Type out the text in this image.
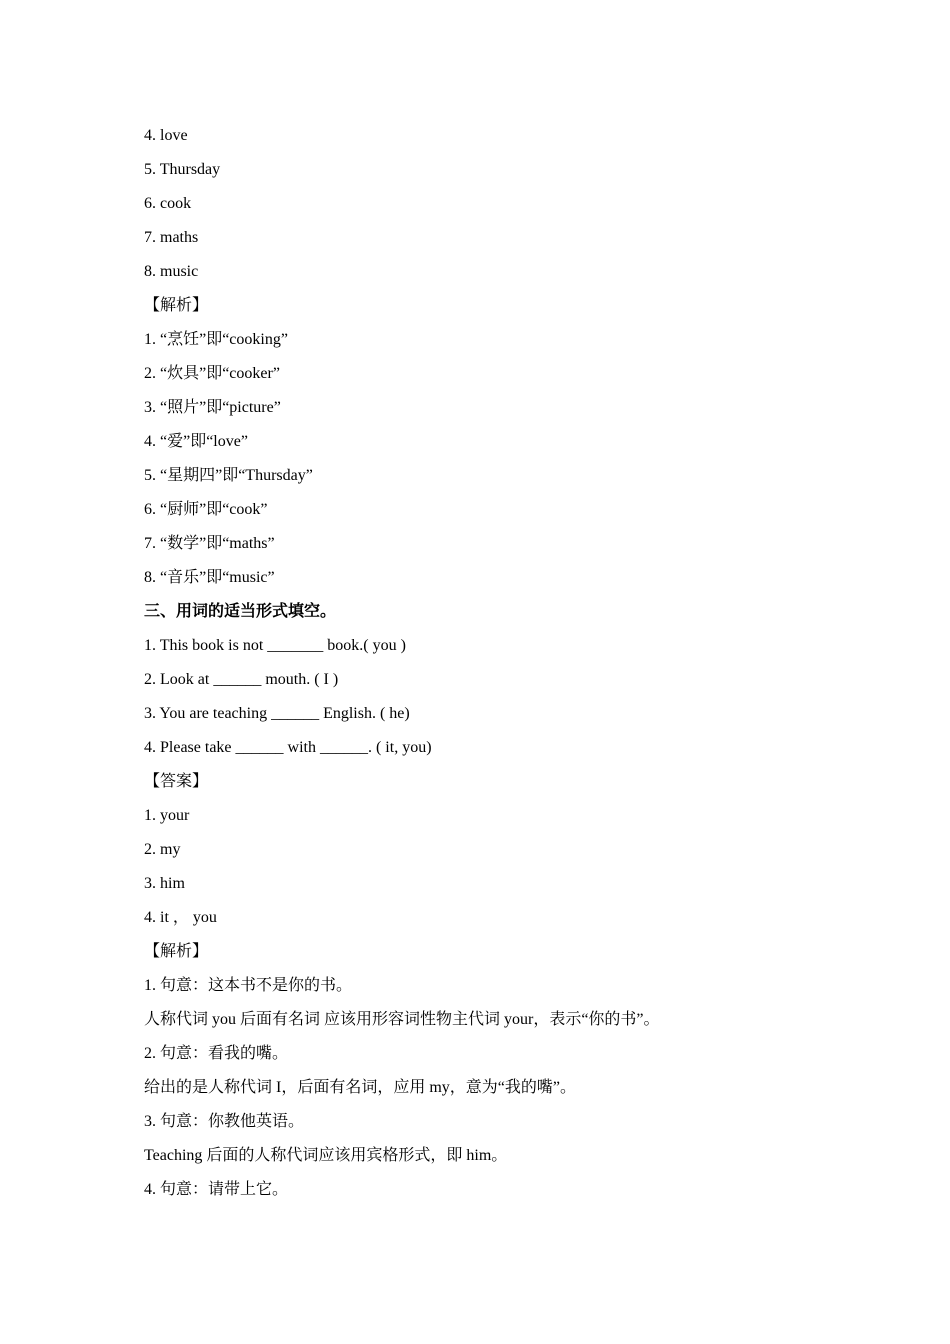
4. love
5. Thursday
6. cook
7. maths
8. music
【解析】
1. “烹饪”即“cooking”
2. “炊具”即“cooker”
3. “照片”即“picture”
4. “爱”即“love”
5. “星期四”即“Thursday”
6. “厨师”即“cook”
7. “数学”即“maths”
8. “音乐”即“music”
三、用词的适当形式填空。
1. This book is not _______ book.( you )
2. Look at ______ mouth. ( I )
3. You are teaching ______ English. ( he)
4. Please take ______ with ______. ( it, you)
【答案】
1. your
2. my
3. him
4. it ， you
【解析】
1. 句意：这本书不是你的书。
人称代词 you 后面有名词 应该用形容词性物主代词 your，表示“你的书”。
2. 句意：看我的嘴。
给出的是人称代词 I，后面有名词，应用 my，意为“我的嘴”。
3. 句意：你教他英语。
Teaching 后面的人称代词应该用宾格形式，即 him。
4. 句意：请带上它。
